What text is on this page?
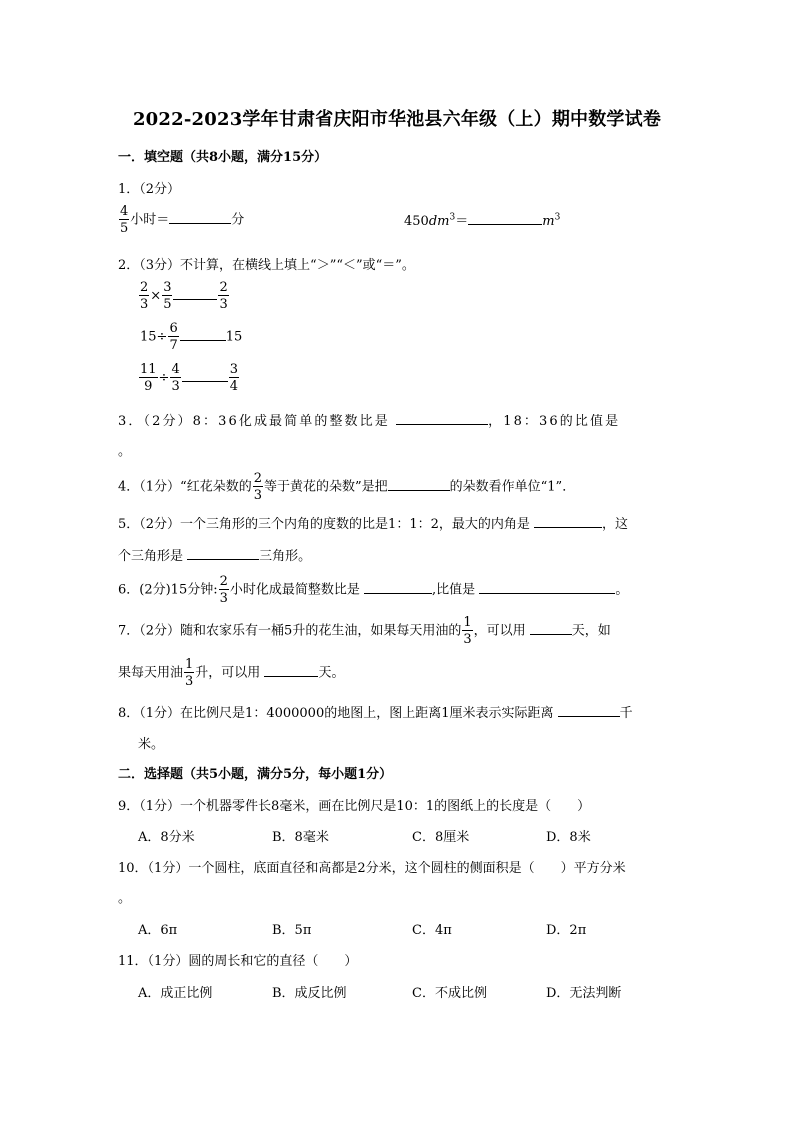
2022-2023学年甘肃省庆阳市华池县六年级（上）期中数学试卷
一．填空题（共8小题，满分15分）
1．（2分）
$\frac{4}{5}$ 小时＝	分	$450dm^3=$	$m^3$
2．（3分）不计算，在横线上填上“＞”“＜”或“＝”。
$\frac{2}{3} \times \frac{3}{5}$	$\frac{2}{3}$
$15\div \frac{6}{7}$	15
$\frac{11}{9} \div \frac{4}{3}$	$\frac{3}{4}$
3．（2分）8：36化成最简单的整数比是	，18：36的比值是
。
4．（1分）“红花朵数的 $\frac{2}{3}$ 等于黄花的朵数”是把	的朵数看作单位“1”．
5．（2分）一个三角形的三个内角的度数的比是1：1：2，最大的内角是	，这
个三角形是	三角形。
6．(2分)15分钟: $\frac{2}{3}$ 小时化成最简整数比是	,比值是	。
7．（2分）随和农家乐有一桶5升的花生油，如果每天用油的 $\frac{1}{3}$ ，可以用	天，如
果每天用油 $\frac{1}{3}$ 升，可以用	天。
8．（1分）在比例尺是1：4000000的地图上，图上距离1厘米表示实际距离	千
米。
二．选择题（共5小题，满分5分，每小题1分）
9．（1分）一个机器零件长8毫米，画在比例尺是10：1的图纸上的长度是（　　）
A．8分米	B．8毫米	C．8厘米	D．8米
10．（1分）一个圆柱，底面直径和高都是2分米，这个圆柱的侧面积是（　　）平方分米
。
A．6π	B．5π	C．4π	D．2π
11．（1分）圆的周长和它的直径（　　）
A．成正比例	B．成反比例	C．不成比例	D．无法判断
